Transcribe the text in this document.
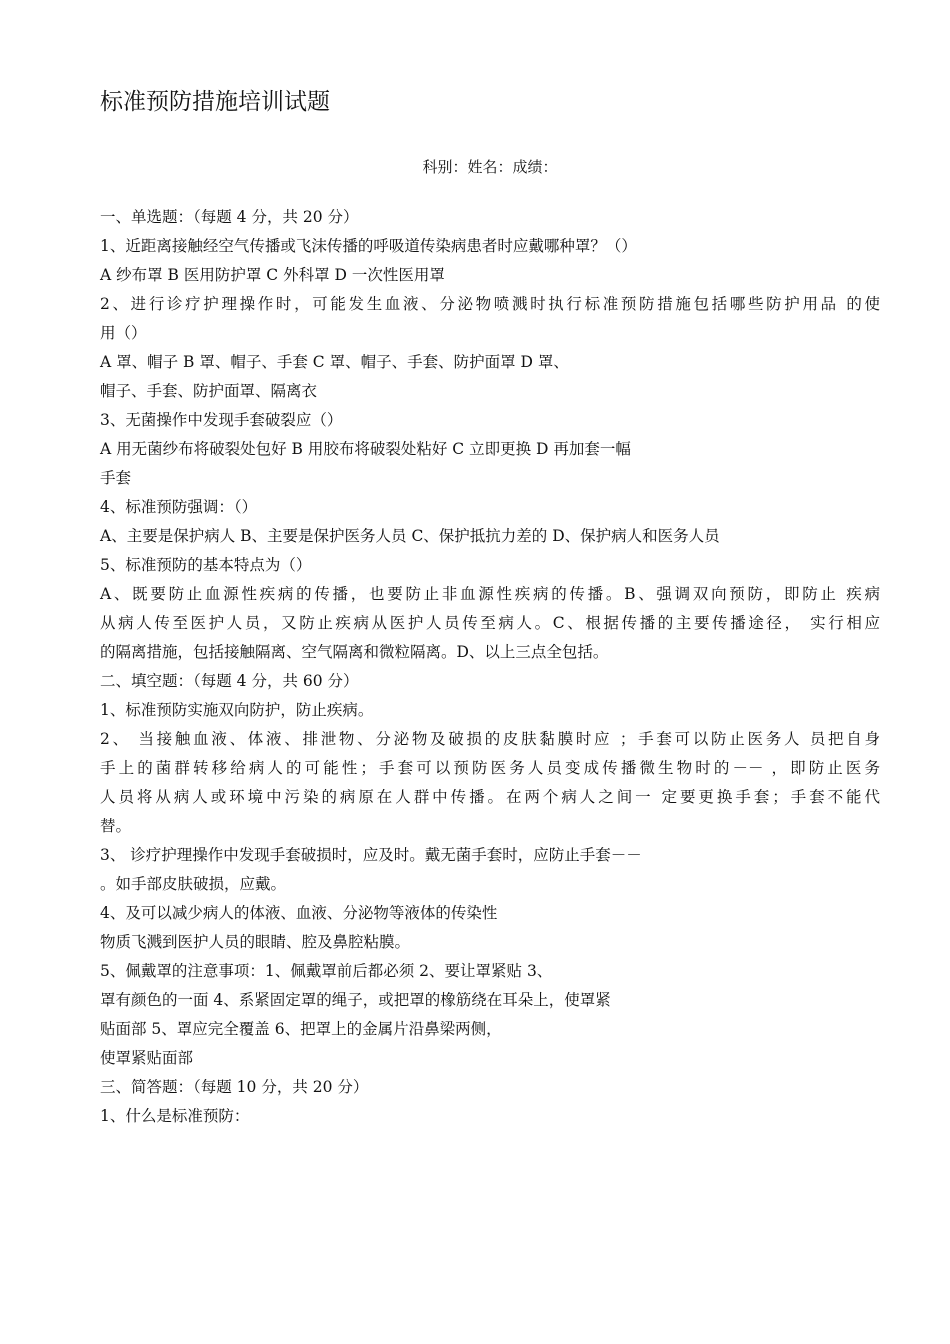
标准预防措施培训试题
科别：姓名：成绩：
一、单选题：（每题 4 分，共 20 分）
1、近距离接触经空气传播或飞沫传播的呼吸道传染病患者时应戴哪种罩？（）
A 纱布罩 B 医用防护罩 C 外科罩 D 一次性医用罩
2、进行诊疗护理操作时，可能发生血液、分泌物喷溅时执行标准预防措施包括哪些防护用品 的使
用（）
A 罩、帽子 B 罩、帽子、手套 C 罩、帽子、手套、防护面罩 D 罩、
帽子、手套、防护面罩、隔离衣
3、无菌操作中发现手套破裂应（）
A 用无菌纱布将破裂处包好 B 用胶布将破裂处粘好 C 立即更换 D 再加套一幅
手套
4、标准预防强调：（）
A、主要是保护病人 B、主要是保护医务人员 C、保护抵抗力差的 D、保护病人和医务人员
5、标准预防的基本特点为（）
A、既要防止血源性疾病的传播，也要防止非血源性疾病的传播。B、强调双向预防，即防止 疾病
从病人传至医护人员，又防止疾病从医护人员传至病人。C、根据传播的主要传播途径， 实行相应
的隔离措施，包括接触隔离、空气隔离和微粒隔离。D、以上三点全包括。
二、填空题：（每题 4 分，共 60 分）
1、标准预防实施双向防护，防止疾病。
2、 当接触血液、体液、排泄物、分泌物及破损的皮肤黏膜时应 ；手套可以防止医务人 员把自身
手上的菌群转移给病人的可能性；手套可以预防医务人员变成传播微生物时的－－ ，即防止医务
人员将从病人或环境中污染的病原在人群中传播。在两个病人之间一 定要更换手套；手套不能代
替。
3、 诊疗护理操作中发现手套破损时，应及时。戴无菌手套时，应防止手套－－
。如手部皮肤破损，应戴。
4、及可以减少病人的体液、血液、分泌物等液体的传染性
物质飞溅到医护人员的眼睛、腔及鼻腔粘膜。
5、佩戴罩的注意事项：1、佩戴罩前后都必须 2、要让罩紧贴 3、
罩有颜色的一面 4、系紧固定罩的绳子，或把罩的橡筋绕在耳朵上，使罩紧
贴面部 5、罩应完全覆盖 6、把罩上的金属片沿鼻梁两侧，
使罩紧贴面部
三、简答题：（每题 10 分，共 20 分）
1、什么是标准预防：
